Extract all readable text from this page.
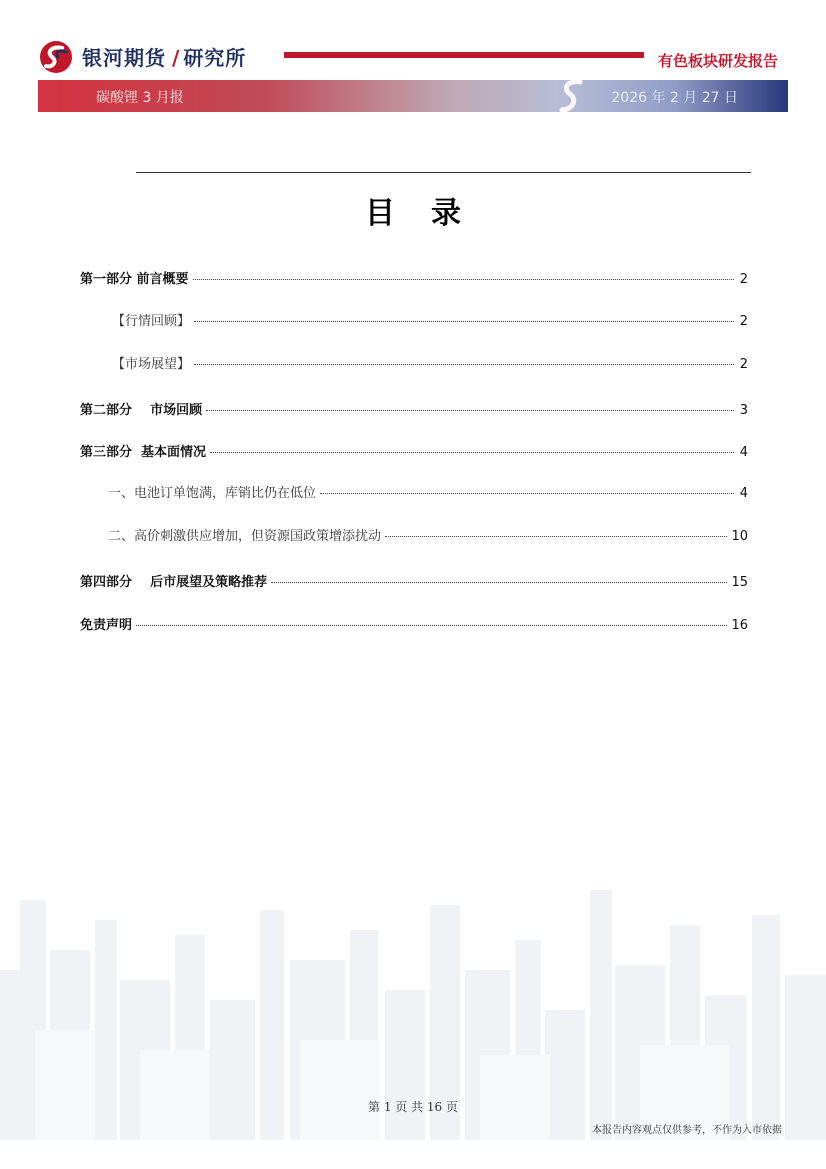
银河期货 / 研究所	有色板块研发报告
碳酸锂 3 月报	2026 年 2 月 27 日
目录
第一部分 前言概要	2
【行情回顾】	2
【市场展望】	2
第二部分    市场回顾	3
第三部分  基本面情况	4
一、电池订单饱满，库销比仍在低位	4
二、高价刺激供应增加，但资源国政策增添扰动	10
第四部分    后市展望及策略推荐	15
免责声明	16
第 1 页 共 16 页
本报告内容观点仅供参考，不作为入市依据
